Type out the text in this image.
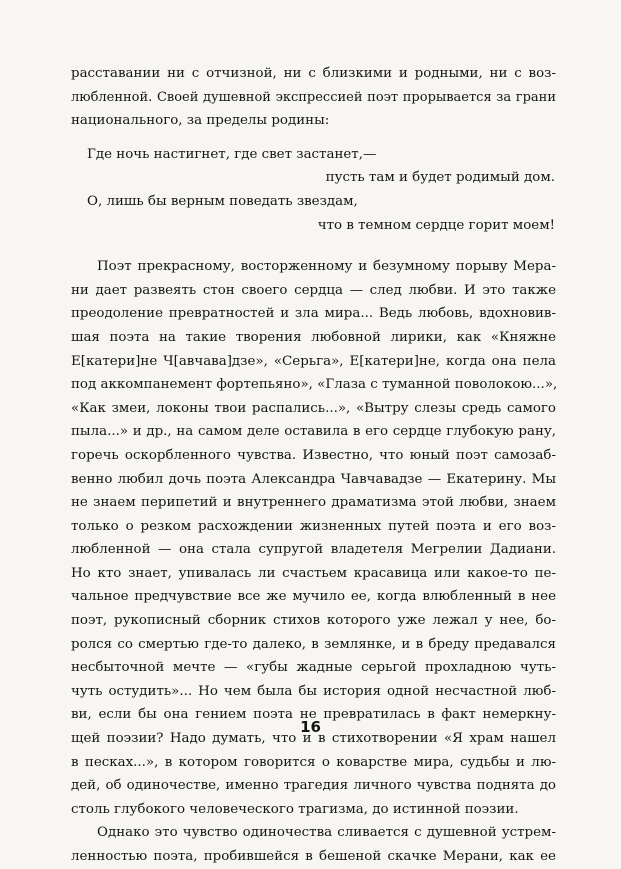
расставании ни с отчизной, ни с близкими и родными, ни с воз-
любленной. Своей душевной экспрессией поэт прорывается за грани
национального, за пределы родины:
Где ночь настигнет, где свет застанет,—
пусть там и будет родимый дом.
О, лишь бы верным поведать звездам,
что в темном сердце горит моем!
Поэт прекрасному, восторженному и безумному порыву Мера-
ни дает развеять стон своего сердца — след любви. И это также
преодоление превратностей и зла мира... Ведь любовь, вдохновив-
шая поэта на такие творения любовной лирики, как «Княжне
Е[катери]не Ч[авчава]дзе», «Серьга», Е[катери]не, когда она пела
под аккомпанемент фортепьяно», «Глаза с туманной поволокою...»,
«Как змеи, локоны твои распались...», «Вытру слезы средь самого
пыла...» и др., на самом деле оставила в его сердце глубокую рану,
горечь оскорбленного чувства. Известно, что юный поэт самозаб-
венно любил дочь поэта Александра Чавчавадзе — Екатерину. Мы
не знаем перипетий и внутреннего драматизма этой любви, знаем
только о резком расхождении жизненных путей поэта и его воз-
любленной — она стала супругой владетеля Мегрелии Дадиани.
Но кто знает, упивалась ли счастьем красавица или какое-то пе-
чальное предчувствие все же мучило ее, когда влюбленный в нее
поэт, рукописный сборник стихов которого уже лежал у нее, бо-
ролся со смертью где-то далеко, в землянке, и в бреду предавался
несбыточной мечте — «губы жадные серьгой прохладною чуть-
чуть остудить»... Но чем была бы история одной несчастной люб-
ви, если бы она гением поэта не превратилась в факт немеркну-
щей поэзии? Надо думать, что и в стихотворении «Я храм нашел
в песках...», в котором говорится о коварстве мира, судьбы и лю-
дей, об одиночестве, именно трагедия личного чувства поднята до
столь глубокого человеческого трагизма, до истинной поэзии.
Однако это чувство одиночества сливается с душевной устрем-
ленностью поэта, пробившейся в бешеной скачке Мерани, как ее
16
